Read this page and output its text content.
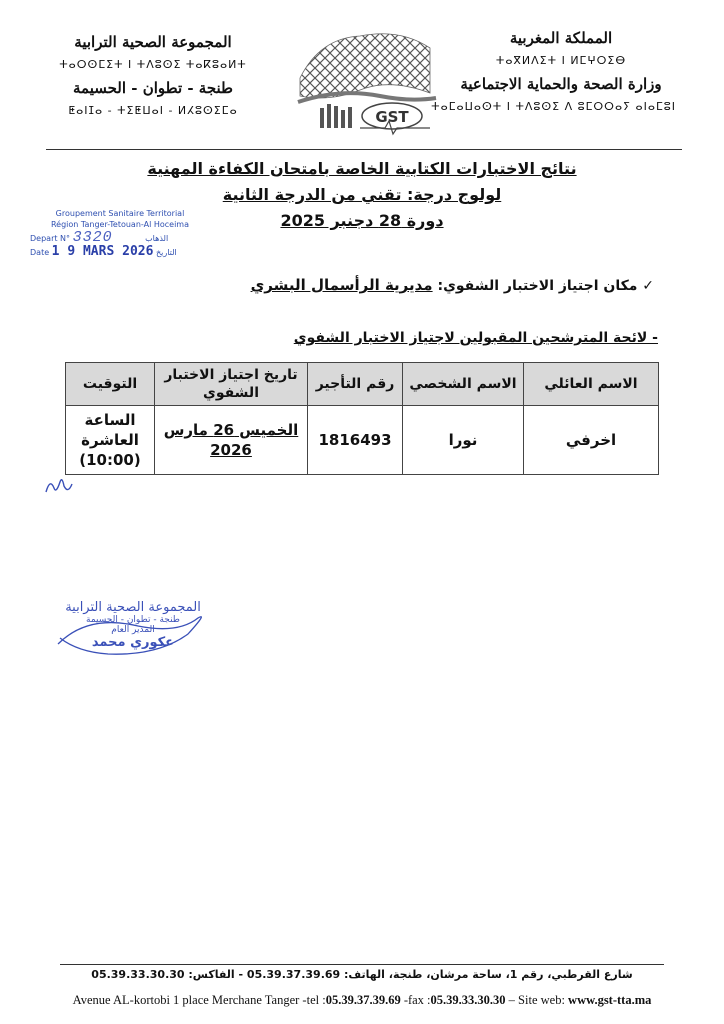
المملكة المغربية
ⵜⴰⴳⵍⴷⵉⵜ ⵏ ⵍⵎⵖⵔⵉⴱ
وزارة الصحة والحماية الاجتماعية
ⵜⴰⵎⴰⵡⴰⵙⵜ ⵏ ⵜⴷⵓⵙⵉ ⴷ ⵓⵎⵔⵔⴰⵢ ⴰⵏⴰⵎⵓⵏ
المجموعة الصحية الترابية
ⵜⴰⵔⵙⵎⵉⵜ ⵏ ⵜⴷⵓⵙⵉ ⵜⴰⴽⵓⴰⵍⵜ
طنجة - تطوان - الحسيمة
ⵟⴰⵏⵊⴰ - ⵜⵉⵟⵡⴰⵏ - ⵍⵃⵓⵙⵉⵎⴰ	GST
نتائج الاختبارات الكتابية الخاصة بامتحان الكفاءة المهنية
لولوج درجة: تقني من الدرجة الثانية
دورة 28 دجنبر 2025
Groupement Sanitaire Territorial
Région Tanger-Tetouan-Al Hoceima
Depart N° 3320	الذهاب
Date 1 9 MARS 2026 التاريخ
✓ مكان اجتياز الاختبار الشفوي: مديرية الرأسمال البشري
- لائحة المترشحين المقبولين لاجتياز الاختبار الشفوي
الاسم العائلي	الاسم الشخصي	رقم التأجير	تاريخ اجتياز الاختبار الشفوي	التوقيت
اخرفي	نورا	1816493	الخميس 26 مارس 2026	الساعة العاشرة (10:00)
المجموعة الصحية الترابية
طنجة - تطوان - الحسيمة
المدير العام
عكوري محمد
شارع القرطبي، رقم 1، ساحة مرشان، طنجة، الهاتف: 05.39.37.39.69 - الفاكس: 05.39.33.30.30
Avenue AL-kortobi 1 place Merchane Tanger -tel :05.39.37.39.69 -fax :05.39.33.30.30 – Site web: www.gst-tta.ma
